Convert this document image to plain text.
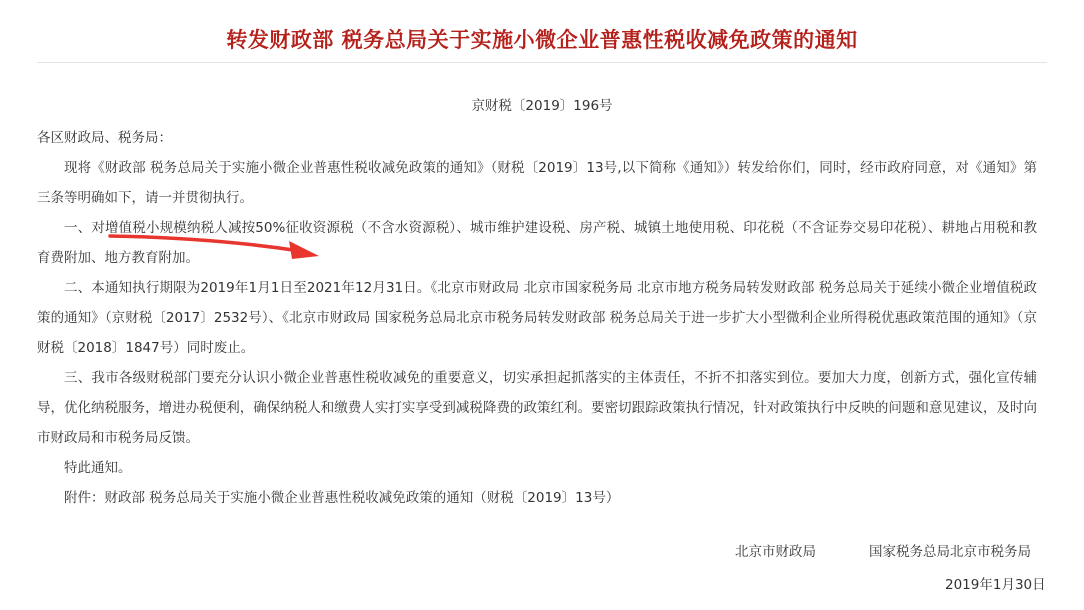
转发财政部 税务总局关于实施小微企业普惠性税收减免政策的通知
京财税〔2019〕196号

各区财政局、税务局：

现将《财政部 税务总局关于实施小微企业普惠性税收减免政策的通知》（财税〔2019〕13号,以下简称《通知》）转发给你们，同时，经市政府同意，对《通知》第三条等明确如下，请一并贯彻执行。

一、对增值税小规模纳税人减按50%征收资源税（不含水资源税）、城市维护建设税、房产税、城镇土地使用税、印花税（不含证券交易印花税）、耕地占用税和教育费附加、地方教育附加。

二、本通知执行期限为2019年1月1日至2021年12月31日。《北京市财政局 北京市国家税务局 北京市地方税务局转发财政部 税务总局关于延续小微企业增值税政策的通知》（京财税〔2017〕2532号）、《北京市财政局 国家税务总局北京市税务局转发财政部 税务总局关于进一步扩大小型微利企业所得税优惠政策范围的通知》（京财税〔2018〕1847号）同时废止。

三、我市各级财税部门要充分认识小微企业普惠性税收减免的重要意义，切实承担起抓落实的主体责任，不折不扣落实到位。要加大力度，创新方式，强化宣传辅导，优化纳税服务，增进办税便利，确保纳税人和缴费人实打实享受到减税降费的政策红利。要密切跟踪政策执行情况，针对政策执行中反映的问题和意见建议，及时向市财政局和市税务局反馈。

特此通知。

附件：财政部 税务总局关于实施小微企业普惠性税收减免政策的通知（财税〔2019〕13号）

北京市财政局	国家税务总局北京市税务局
2019年1月30日
